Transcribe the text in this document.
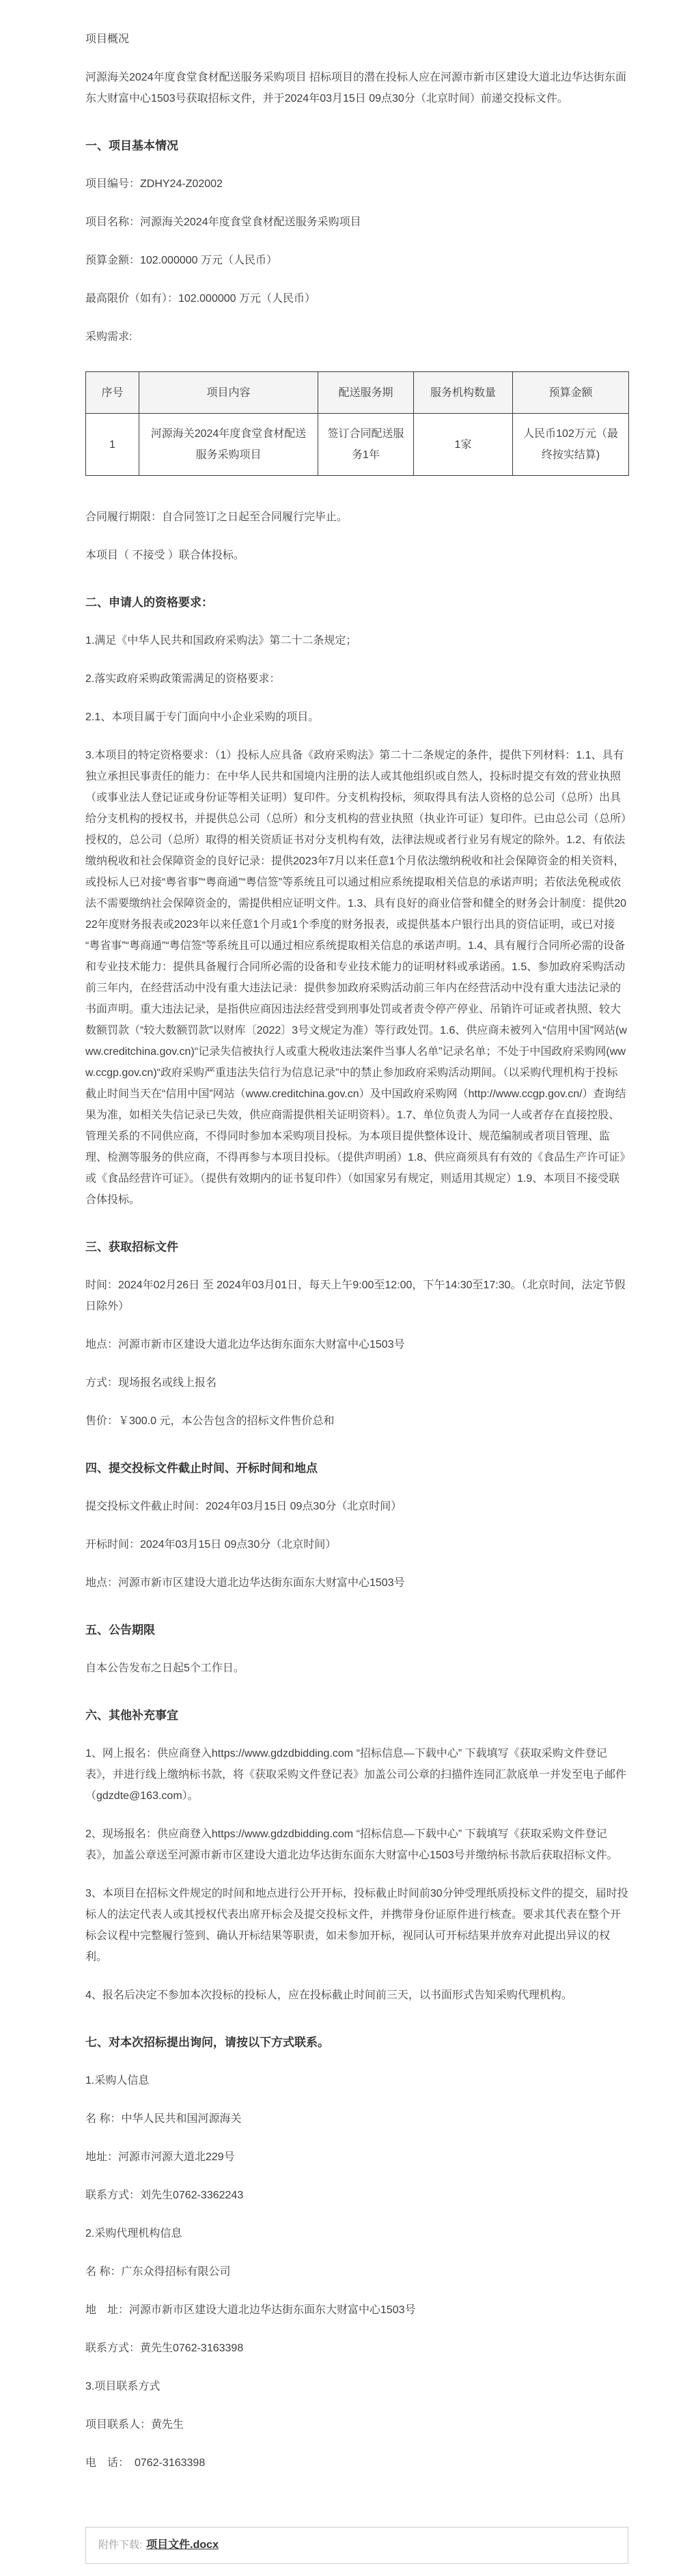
项目概况

河源海关2024年度食堂食材配送服务采购项目 招标项目的潜在投标人应在河源市新市区建设大道北边华达街东面东大财富中心1503号获取招标文件，并于2024年03月15日 09点30分（北京时间）前递交投标文件。

一、项目基本情况

项目编号：ZDHY24-Z02002

项目名称：河源海关2024年度食堂食材配送服务采购项目

预算金额：102.000000 万元（人民币）

最高限价（如有）：102.000000 万元（人民币）

采购需求:

序号	项目内容	配送服务期	服务机构数量	预算金额
1	河源海关2024年度食堂食材配送服务采购项目	签订合同配送服务1年	1家	人民币102万元（最终按实结算)

合同履行期限：自合同签订之日起至合同履行完毕止。

本项目（ 不接受 ）联合体投标。

二、申请人的资格要求：

1.满足《中华人民共和国政府采购法》第二十二条规定；

2.落实政府采购政策需满足的资格要求：

2.1、本项目属于专门面向中小企业采购的项目。

3.本项目的特定资格要求：（1）投标人应具备《政府采购法》第二十二条规定的条件，提供下列材料：1.1、具有独立承担民事责任的能力：在中华人民共和国境内注册的法人或其他组织或自然人，投标时提交有效的营业执照（或事业法人登记证或身份证等相关证明）复印件。分支机构投标，须取得具有法人资格的总公司（总所）出具给分支机构的授权书，并提供总公司（总所）和分支机构的营业执照（执业许可证）复印件。已由总公司（总所）授权的，总公司（总所）取得的相关资质证书对分支机构有效，法律法规或者行业另有规定的除外。1.2、有依法缴纳税收和社会保障资金的良好记录：提供2023年7月以来任意1个月依法缴纳税收和社会保障资金的相关资料，或投标人已对接“粤省事”“粤商通”“粤信签”等系统且可以通过相应系统提取相关信息的承诺声明；若依法免税或依法不需要缴纳社会保障资金的，需提供相应证明文件。1.3、具有良好的商业信誉和健全的财务会计制度：提供2022年度财务报表或2023年以来任意1个月或1个季度的财务报表，或提供基本户银行出具的资信证明，或已对接“粤省事”“粤商通”“粤信签”等系统且可以通过相应系统提取相关信息的承诺声明。1.4、具有履行合同所必需的设备和专业技术能力：提供具备履行合同所必需的设备和专业技术能力的证明材料或承诺函。1.5、参加政府采购活动前三年内，在经营活动中没有重大违法记录：提供参加政府采购活动前三年内在经营活动中没有重大违法记录的书面声明。重大违法记录，是指供应商因违法经营受到刑事处罚或者责令停产停业、吊销许可证或者执照、较大数额罚款（“较大数额罚款”以财库〔2022〕3号文规定为准）等行政处罚。1.6、供应商未被列入“信用中国”网站(www.creditchina.gov.cn)“记录失信被执行人或重大税收违法案件当事人名单”记录名单；不处于中国政府采购网(www.ccgp.gov.cn)“政府采购严重违法失信行为信息记录”中的禁止参加政府采购活动期间。（以采购代理机构于投标截止时间当天在“信用中国”网站（www.creditchina.gov.cn）及中国政府采购网（http://www.ccgp.gov.cn/）查询结果为准，如相关失信记录已失效，供应商需提供相关证明资料）。1.7、单位负责人为同一人或者存在直接控股、管理关系的不同供应商，不得同时参加本采购项目投标。为本项目提供整体设计、规范编制或者项目管理、监理、检测等服务的供应商，不得再参与本项目投标。（提供声明函）1.8、供应商须具有有效的《食品生产许可证》或《食品经营许可证》。（提供有效期内的证书复印件）（如国家另有规定，则适用其规定）1.9、本项目不接受联合体投标。

三、获取招标文件

时间：2024年02月26日 至 2024年03月01日，每天上午9:00至12:00，下午14:30至17:30。（北京时间，法定节假日除外）

地点：河源市新市区建设大道北边华达街东面东大财富中心1503号

方式：现场报名或线上报名

售价：￥300.0 元，本公告包含的招标文件售价总和

四、提交投标文件截止时间、开标时间和地点

提交投标文件截止时间：2024年03月15日 09点30分（北京时间）

开标时间：2024年03月15日 09点30分（北京时间）

地点：河源市新市区建设大道北边华达街东面东大财富中心1503号

五、公告期限

自本公告发布之日起5个工作日。

六、其他补充事宜

1、网上报名：供应商登入https://www.gdzdbidding.com “招标信息—下载中心” 下载填写《获取采购文件登记表》，并进行线上缴纳标书款，将《获取采购文件登记表》加盖公司公章的扫描件连同汇款底单一并发至电子邮件（gdzdte@163.com）。

2、现场报名：供应商登入https://www.gdzdbidding.com “招标信息—下载中心” 下载填写《获取采购文件登记表》，加盖公章送至河源市新市区建设大道北边华达街东面东大财富中心1503号并缴纳标书款后获取招标文件。

3、本项目在招标文件规定的时间和地点进行公开开标，投标截止时间前30分钟受理纸质投标文件的提交，届时投标人的法定代表人或其授权代表出席开标会及提交投标文件，并携带身份证原件进行核查。要求其代表在整个开标会议程中完整履行签到、确认开标结果等职责，如未参加开标，视同认可开标结果并放弃对此提出异议的权利。

4、报名后决定不参加本次投标的投标人，应在投标截止时间前三天，以书面形式告知采购代理机构。

七、对本次招标提出询问，请按以下方式联系。

1.采购人信息

名 称：中华人民共和国河源海关

地址：河源市河源大道北229号

联系方式：刘先生0762-3362243

2.采购代理机构信息

名 称：广东众得招标有限公司

地　址：河源市新市区建设大道北边华达街东面东大财富中心1503号

联系方式：黄先生0762-3163398

3.项目联系方式

项目联系人：黄先生

电　话：　0762-3163398

附件下载: 项目文件.docx
